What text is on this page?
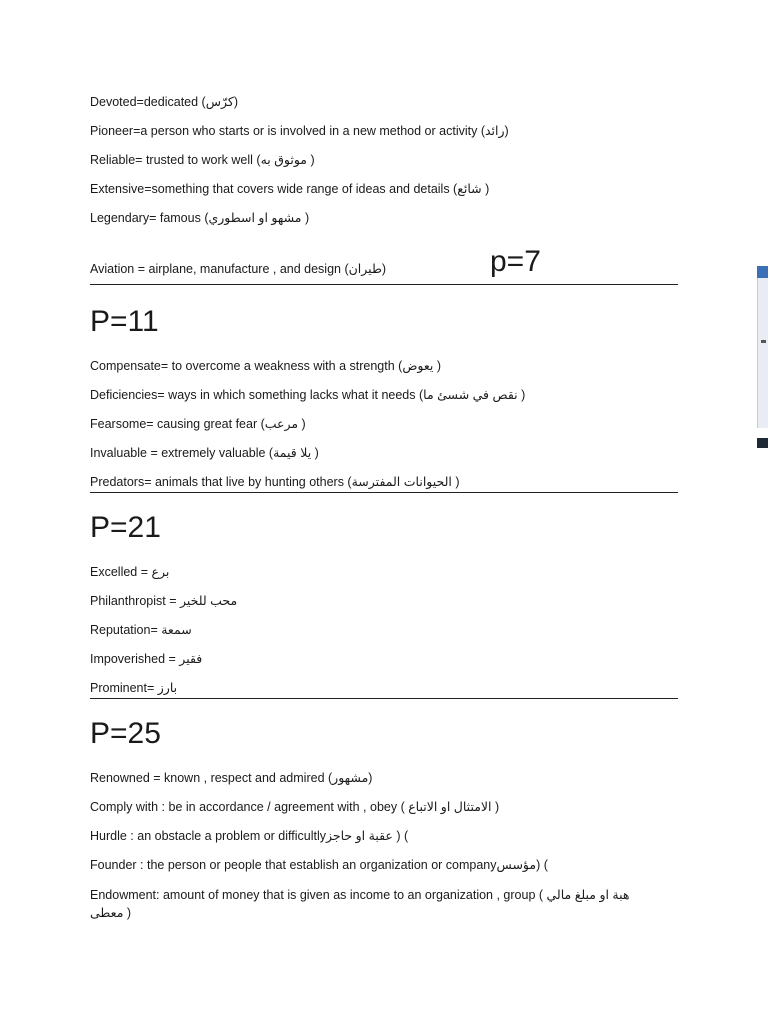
Devoted=dedicated (كرّس)
Pioneer=a person who starts or is involved in a new method or activity (رائد)
Reliable= trusted to work well (موثوق به )
Extensive=something that covers wide range of ideas and details (شائع )
Legendary= famous (مشهو او اسطوري )
Aviation = airplane, manufacture , and design (طيران)	p=7
P=11
Compensate= to overcome a weakness with a strength (يعوض )
Deficiencies= ways in which something lacks what it needs (نقص في شسئ ما )
Fearsome= causing great fear (مرعب )
Invaluable = extremely valuable (يلا قيمة )
Predators= animals that live by hunting others (الحيوانات المفترسة )
P=21
Excelled = برع
Philanthropist = محب للخير
Reputation= سمعة
Impoverished = فقير
Prominent= بارز
P=25
Renowned = known , respect and admired (مشهور)
Comply with : be in accordance / agreement with , obey ( الامتثال او الاتباع )
Hurdle : an obstacle a problem or difficultlyعقبة او حاجز ) (
Founder : the person or people that establish an organization or companyمؤسس) (
Endowment: amount of money that is given as income to an organization , group ( هبة او مبلغ مالي معطى )
